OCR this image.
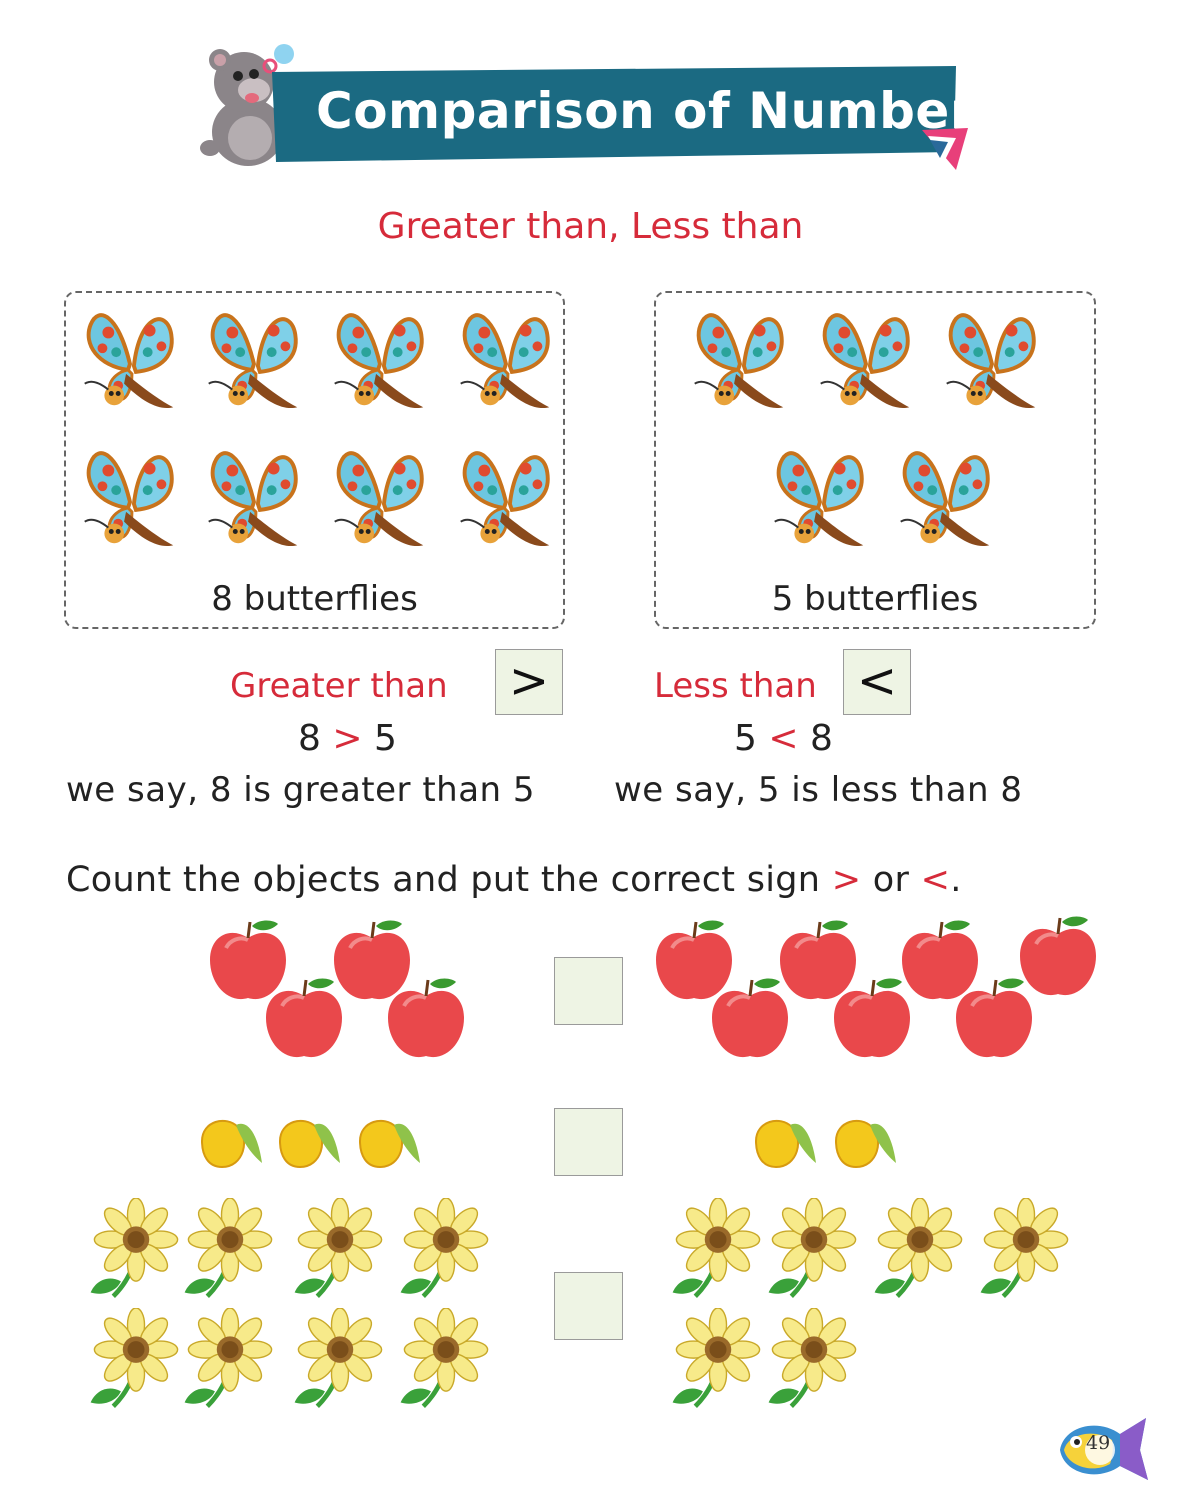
Comparison of Numbers
Greater than, Less than
8 butterflies	5 butterflies
Greater than >
8 > 5
we say, 8 is greater than 5
Less than <
5 < 8
we say, 5 is less than 8
Count the objects and put the correct sign > or <.
49
